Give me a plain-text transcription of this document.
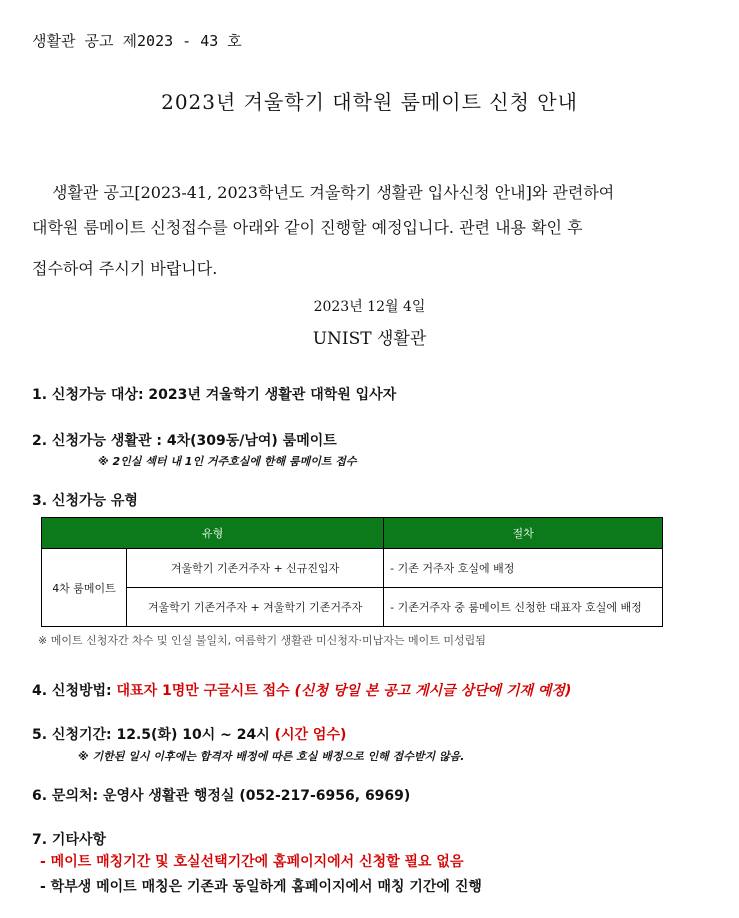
생활관 공고 제2023 - 43 호
2023년 겨울학기 대학원 룸메이트 신청 안내
생활관 공고[2023-41, 2023학년도 겨울학기 생활관 입사신청 안내]와 관련하여
대학원 룸메이트 신청접수를 아래와 같이 진행할 예정입니다. 관련 내용 확인 후
접수하여 주시기 바랍니다.
2023년 12월 4일
UNIST 생활관
1. 신청가능 대상: 2023년 겨울학기 생활관 대학원 입사자
2. 신청가능 생활관 : 4차(309동/남여) 룸메이트
※ 2인실 섹터 내 1인 거주호실에 한해 룸메이트 접수
3. 신청가능 유형
유형		절차
4차 룸메이트	겨울학기 기존거주자 + 신규진입자	- 기존 거주자 호실에 배정
	겨울학기 기존거주자 + 겨울학기 기존거주자	- 기존거주자 중 룸메이트 신청한 대표자 호실에 배정
※ 메이트 신청자간 차수 및 인실 불일치, 여름학기 생활관 미신청자·미납자는 메이트 미성립됨
4. 신청방법: 대표자 1명만 구글시트 접수 (신청 당일 본 공고 게시글 상단에 기재 예정)
5. 신청기간: 12.5(화) 10시 ~ 24시 (시간 엄수)
※ 기한된 일시 이후에는 합격자 배정에 따른 호실 배정으로 인해 접수받지 않음.
6. 문의처: 운영사 생활관 행정실 (052-217-6956, 6969)
7. 기타사항
- 메이트 매칭기간 및 호실선택기간에 홈페이지에서 신청할 필요 없음
- 학부생 메이트 매칭은 기존과 동일하게 홈페이지에서 매칭 기간에 진행
